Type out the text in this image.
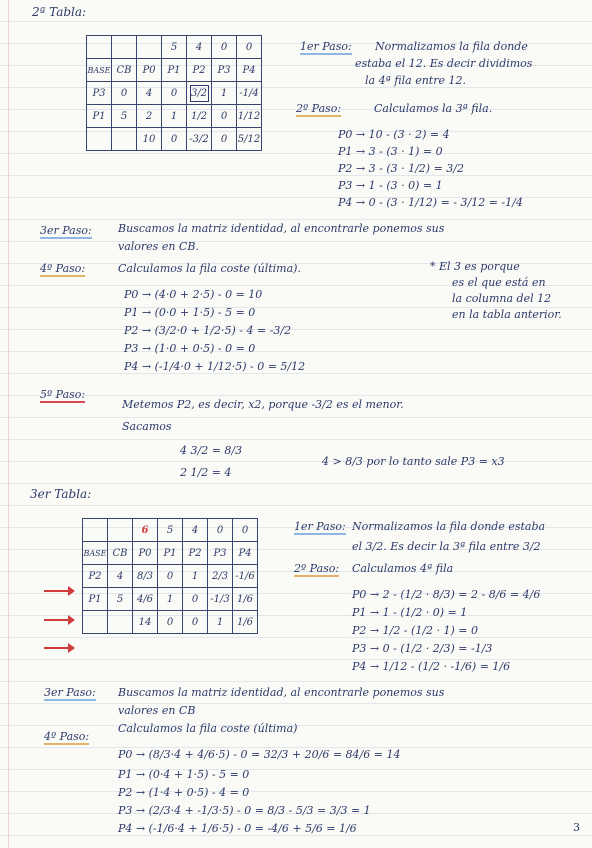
2ª Tabla:
			5	4	0	0
BASE	CB	P0	P1	P2	P3	P4
P3	0	4	0	3/2	1	-1/4
P1	5	2	1	1/2	0	1/12
		10	0	-3/2	0	5/12
1er Paso: Normalizamos la fila donde
estaba el 12. Es decir dividimos
la 4ª fila entre 12.
2º Paso:	Calculamos la 3ª fila.
P0 → 10 - (3 · 2) = 4
P1 → 3 - (3 · 1) = 0
P2 → 3 - (3 · 1/2) = 3/2
P3 → 1 - (3 · 0) = 1
P4 → 0 - (3 · 1/12) = - 3/12 = -1/4
3er Paso: Buscamos la matriz identidad, al encontrarle ponemos sus
valores en CB.
4º Paso:	Calculamos la fila coste (última).	* El 3 es porque
es el que está en
la columna del 12
en la tabla anterior.
P0 → (4·0 + 2·5) - 0 = 10
P1 → (0·0 + 1·5) - 5 = 0
P2 → (3/2·0 + 1/2·5) - 4 = -3/2
P3 → (1·0 + 0·5) - 0 = 0
P4 → (-1/4·0 + 1/12·5) - 0 = 5/12
5º Paso:
Metemos P2, es decir, x2, porque -3/2 es el menor.
Sacamos
4 3/2 = 8/3
2 1/2 = 4
4 > 8/3 por lo tanto sale P3 = x3
3er Tabla:
		6	5	4	0	0
BASE	CB	P0	P1	P2	P3	P4
P2	4	8/3	0	1	2/3	-1/6
P1	5	4/6	1	0	-1/3	1/6
		14	0	0	1	1/6
1er Paso: Normalizamos la fila donde estaba
el 3/2. Es decir la 3ª fila entre 3/2
2º Paso: Calculamos 4ª fila
P0 → 2 - (1/2 · 8/3) = 2 - 8/6 = 4/6
P1 → 1 - (1/2 · 0) = 1
P2 → 1/2 - (1/2 · 1) = 0
P3 → 0 - (1/2 · 2/3) = -1/3
P4 → 1/12 - (1/2 · -1/6) = 1/6
3er Paso: Buscamos la matriz identidad, al encontrarle ponemos sus
valores en CB
4º Paso:
Calculamos la fila coste (última)
P0 → (8/3·4 + 4/6·5) - 0 = 32/3 + 20/6 = 84/6 = 14
P1 → (0·4 + 1·5) - 5 = 0
P2 → (1·4 + 0·5) - 4 = 0
P3 → (2/3·4 + -1/3·5) - 0 = 8/3 - 5/3 = 3/3 = 1
P4 → (-1/6·4 + 1/6·5) - 0 = -4/6 + 5/6 = 1/6	3
